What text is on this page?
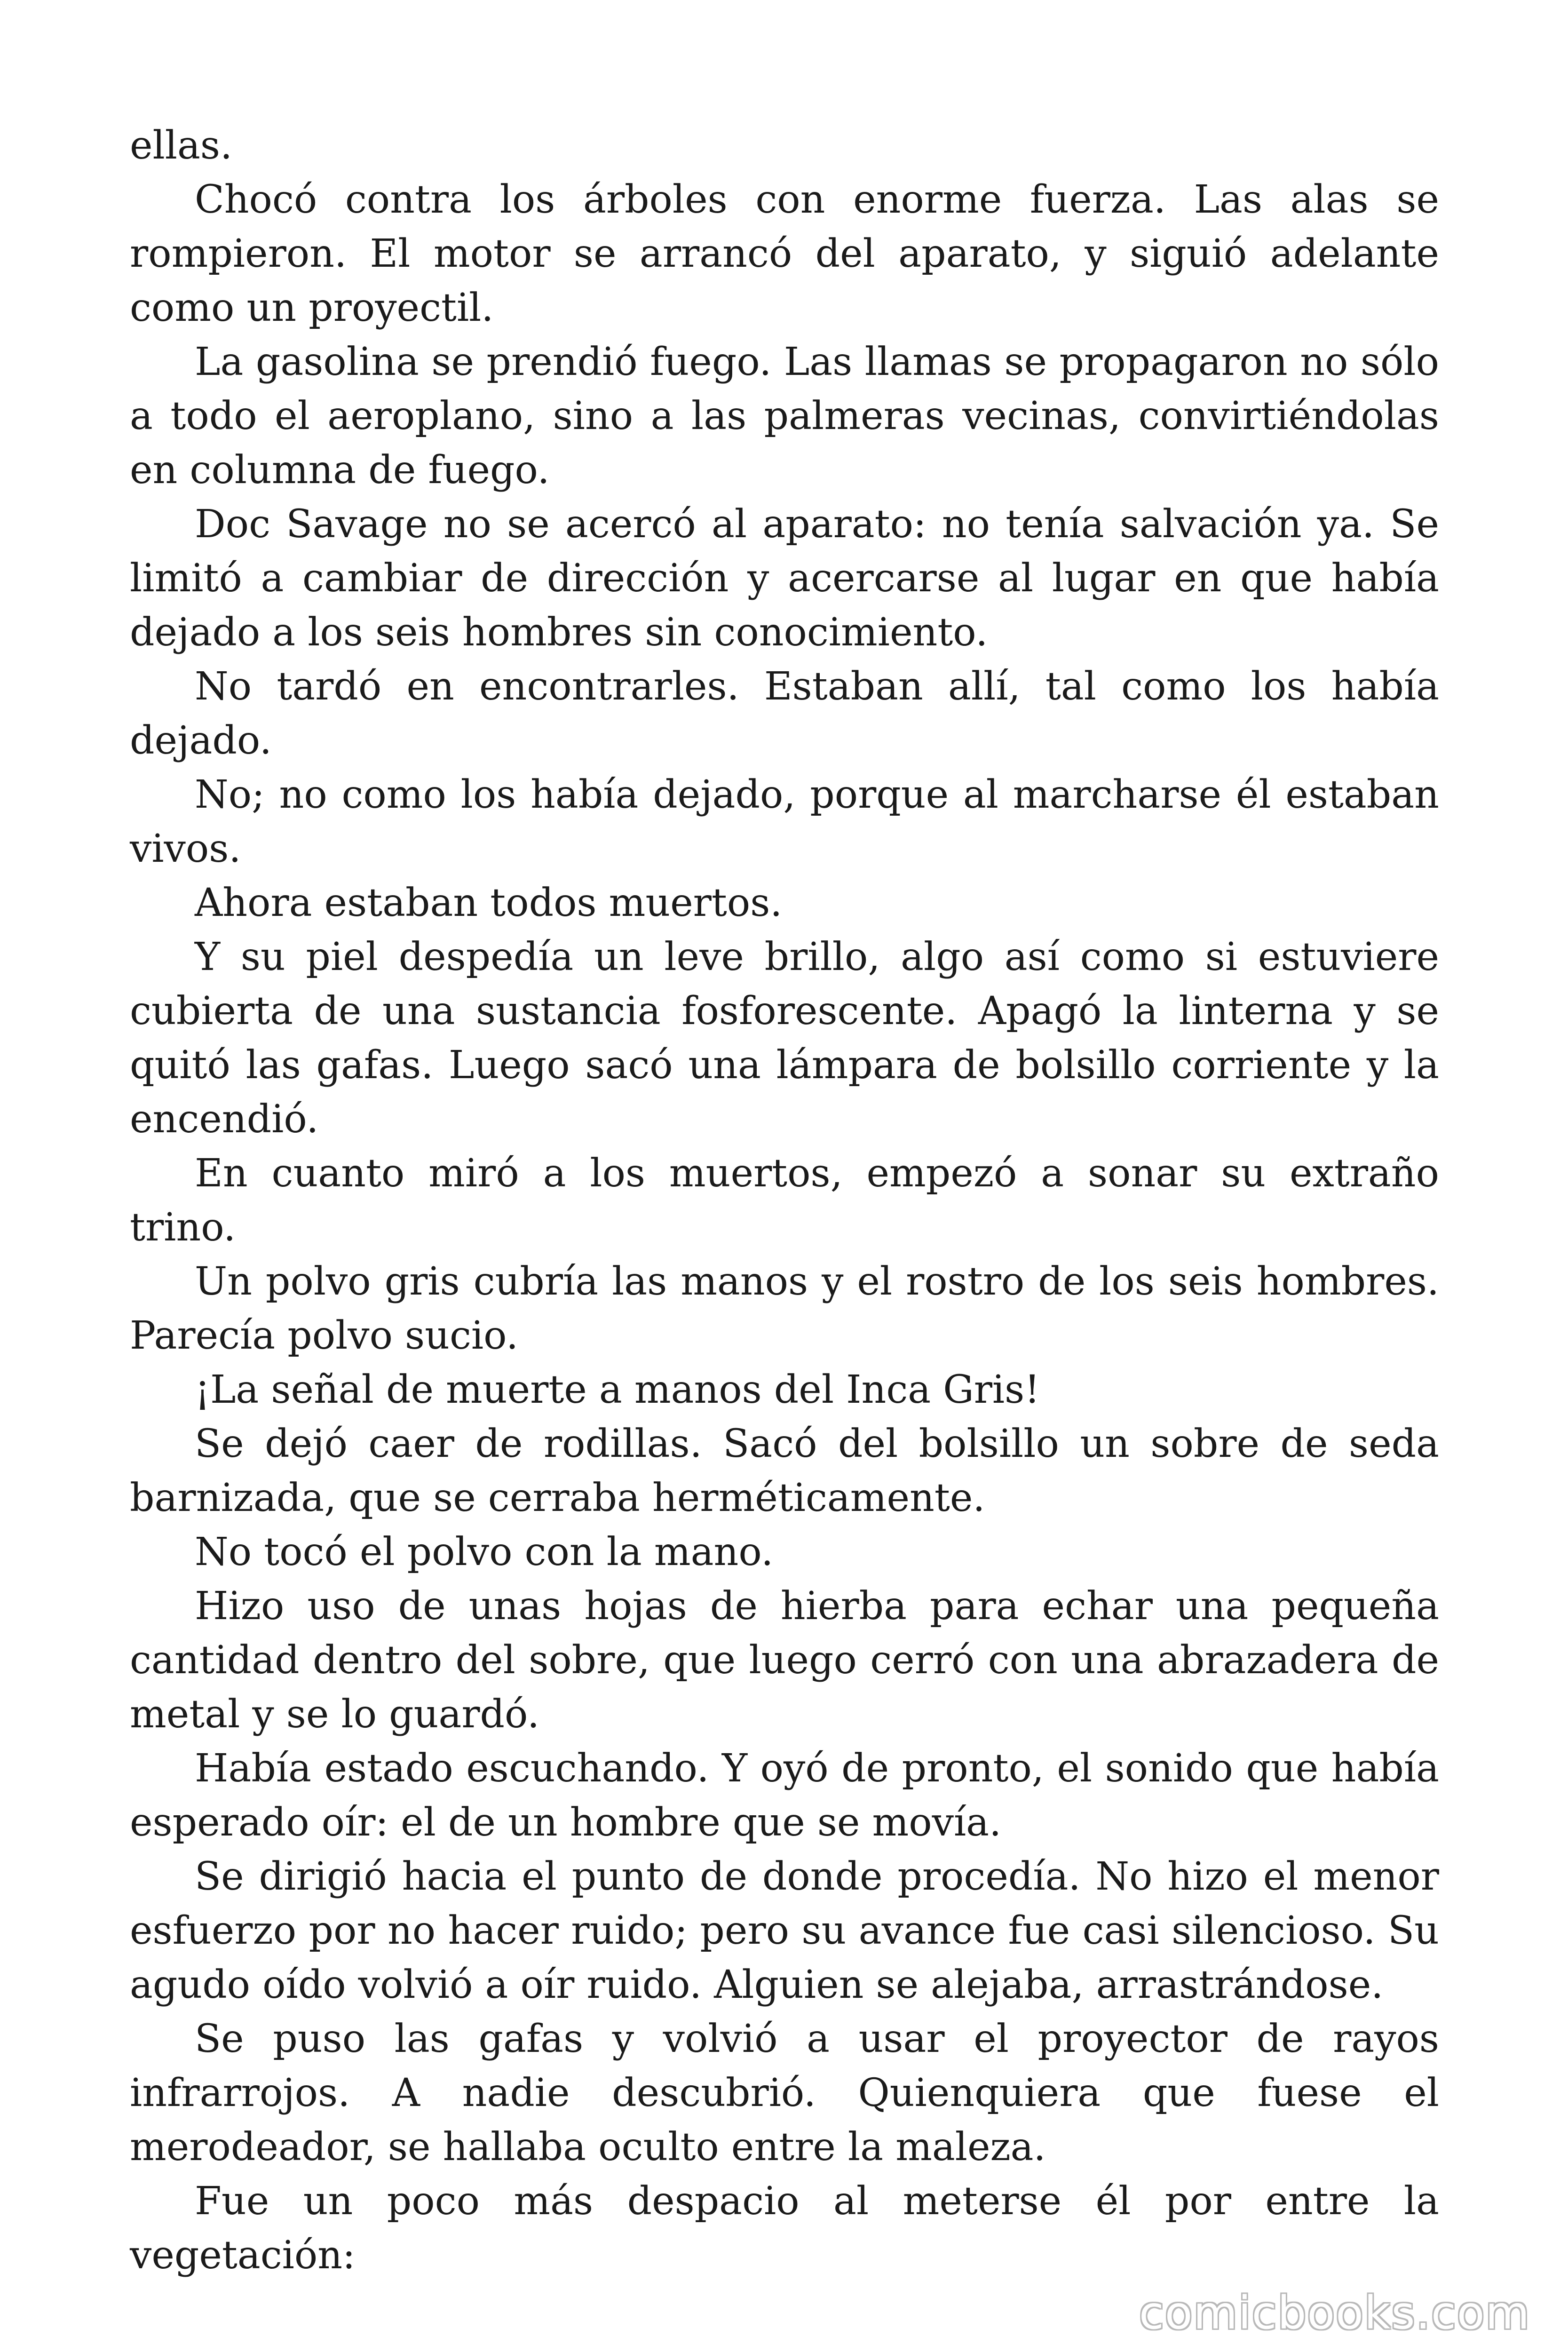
ellas.

Chocó contra los árboles con enorme fuerza. Las alas se rompieron. El motor se arrancó del aparato, y siguió adelante como un proyectil.

La gasolina se prendió fuego. Las llamas se propagaron no sólo a todo el aeroplano, sino a las palmeras vecinas, convirtiéndolas en columna de fuego.

Doc Savage no se acercó al aparato: no tenía salvación ya. Se limitó a cambiar de dirección y acercarse al lugar en que había dejado a los seis hombres sin conocimiento.

No tardó en encontrarles. Estaban allí, tal como los había dejado.

No; no como los había dejado, porque al marcharse él estaban vivos.

Ahora estaban todos muertos.

Y su piel despedía un leve brillo, algo así como si estuviere cubierta de una sustancia fosforescente. Apagó la linterna y se quitó las gafas. Luego sacó una lámpara de bolsillo corriente y la encendió.

En cuanto miró a los muertos, empezó a sonar su extraño trino.

Un polvo gris cubría las manos y el rostro de los seis hombres. Parecía polvo sucio.

¡La señal de muerte a manos del Inca Gris!

Se dejó caer de rodillas. Sacó del bolsillo un sobre de seda barnizada, que se cerraba herméticamente.

No tocó el polvo con la mano.

Hizo uso de unas hojas de hierba para echar una pequeña cantidad dentro del sobre, que luego cerró con una abrazadera de metal y se lo guardó.

Había estado escuchando. Y oyó de pronto, el sonido que había esperado oír: el de un hombre que se movía.

Se dirigió hacia el punto de donde procedía. No hizo el menor esfuerzo por no hacer ruido; pero su avance fue casi silencioso. Su agudo oído volvió a oír ruido. Alguien se alejaba, arrastrándose.

Se puso las gafas y volvió a usar el proyector de rayos infrarrojos. A nadie descubrió. Quienquiera que fuese el merodeador, se hallaba oculto entre la maleza.

Fue un poco más despacio al meterse él por entre la vegetación:

comicbooks.com
